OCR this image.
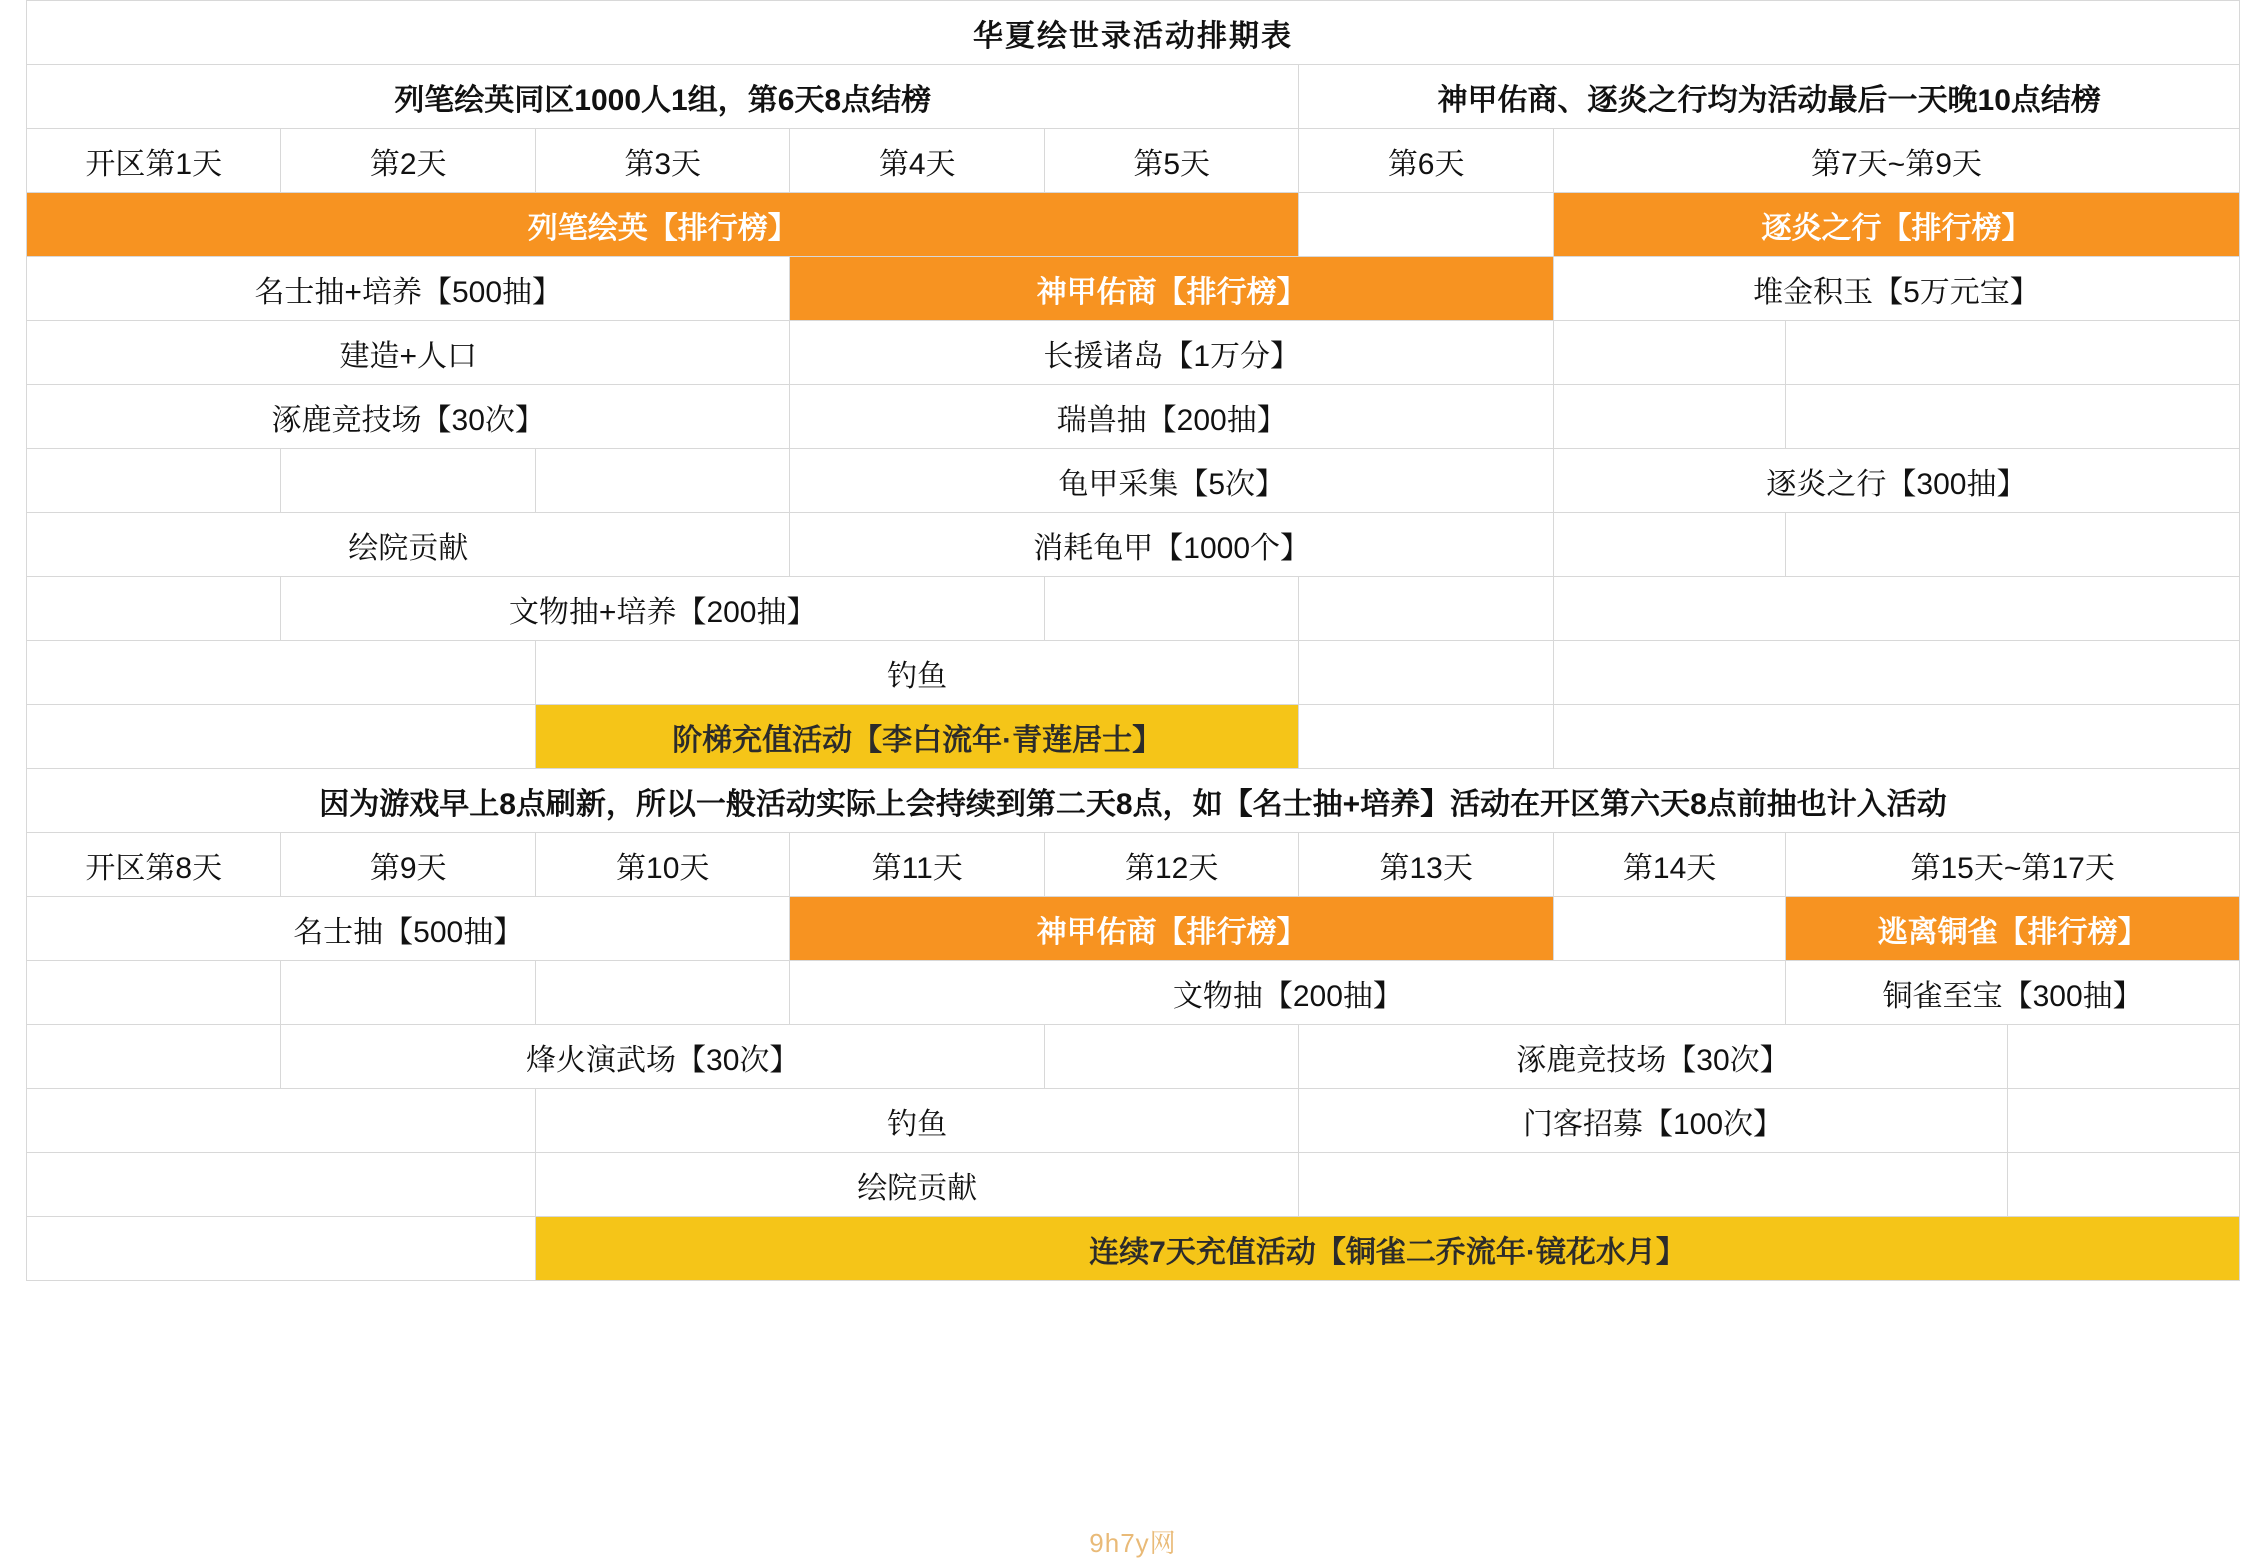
华夏绘世录活动排期表								
列笔绘英同区1000人1组，第6天8点结榜					神甲佑商、逐炎之行均为活动最后一天晚10点结榜			
开区第1天	第2天	第3天	第4天	第5天	第6天	第7天~第9天		
列笔绘英【排行榜】						逐炎之行【排行榜】		
名士抽+培养【500抽】			神甲佑商【排行榜】			堆金积玉【5万元宝】		
建造+人口			长援诸岛【1万分】					
涿鹿竞技场【30次】			瑞兽抽【200抽】					
			龟甲采集【5次】			逐炎之行【300抽】		
绘院贡献			消耗龟甲【1000个】					
	文物抽+培养【200抽】							
		钓鱼						
		阶梯充值活动【李白流年·青莲居士】						
因为游戏早上8点刷新，所以一般活动实际上会持续到第二天8点，如【名士抽+培养】活动在开区第六天8点前抽也计入活动								
开区第8天	第9天	第10天	第11天	第12天	第13天	第14天	第15天~第17天	
名士抽【500抽】			神甲佑商【排行榜】				逃离铜雀【排行榜】	
			文物抽【200抽】				铜雀至宝【300抽】	
	烽火演武场【30次】				涿鹿竞技场【30次】			
		钓鱼			门客招募【100次】			
		绘院贡献						
		连续7天充值活动【铜雀二乔流年·镜花水月】						
9h7y网
